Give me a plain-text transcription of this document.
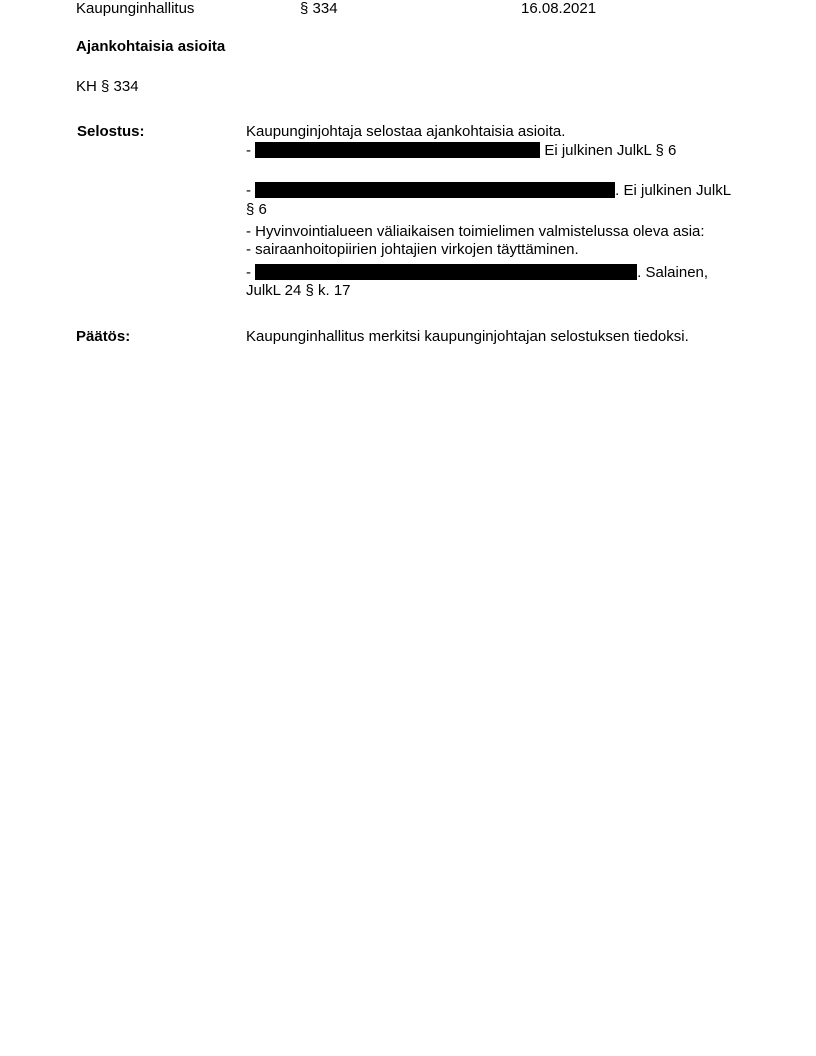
Kaupunginhallitus	§ 334	16.08.2021
Ajankohtaisia asioita
KH § 334
Selostus:	Kaupunginjohtaja selostaa ajankohtaisia asioita.
-	Ei julkinen JulkL § 6
-	. Ei julkinen JulkL
§ 6
- Hyvinvointialueen väliaikaisen toimielimen valmistelussa oleva asia:
- sairaanhoitopiirien johtajien virkojen täyttäminen.
-	. Salainen,
JulkL 24 § k. 17
Päätös:	Kaupunginhallitus merkitsi kaupunginjohtajan selostuksen tiedoksi.
